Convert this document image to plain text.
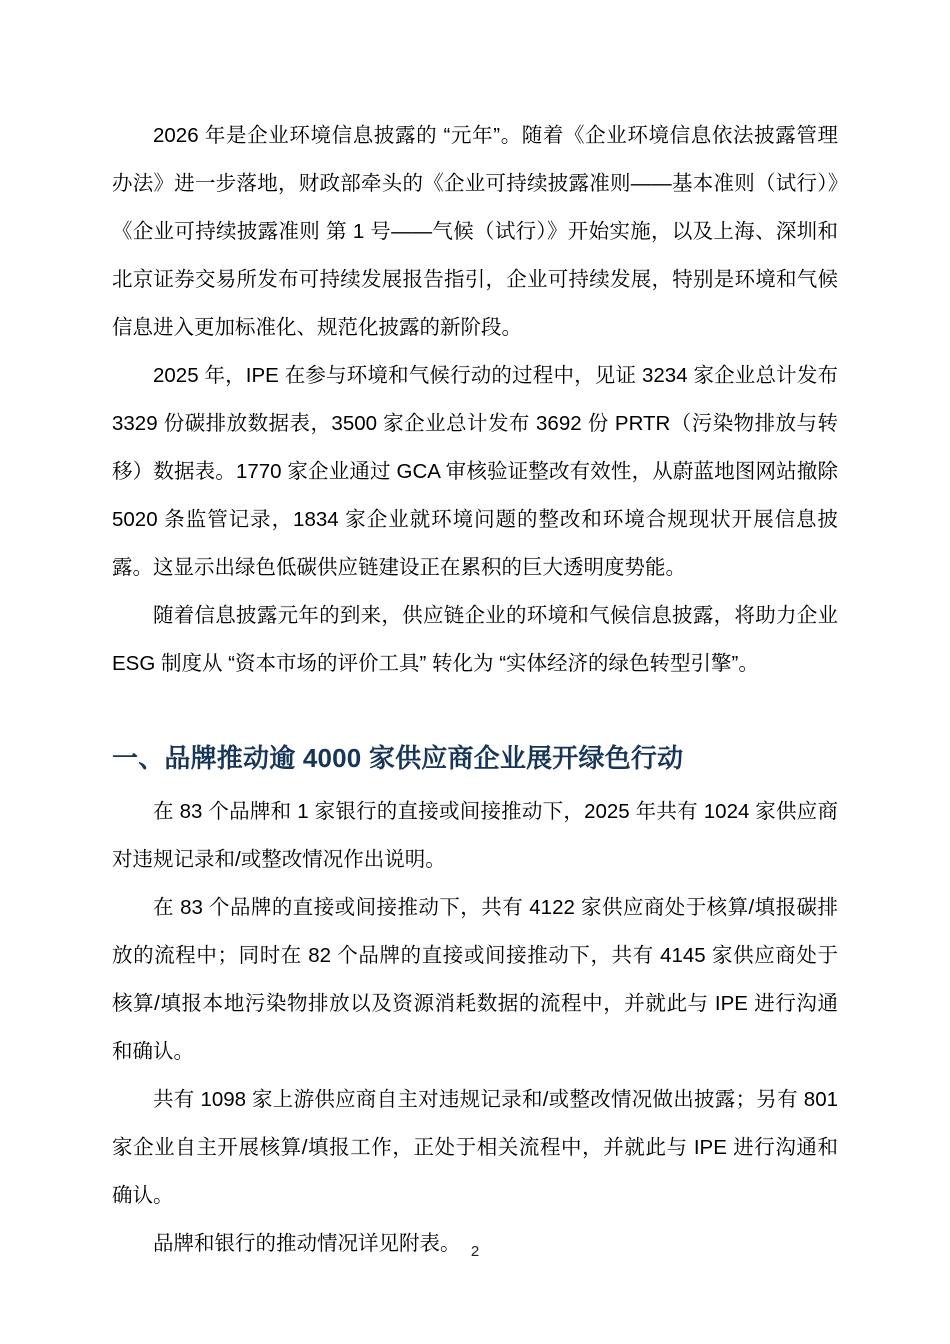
2026 年是企业环境信息披露的 “元年”。随着《企业环境信息依法披露管理办法》进一步落地，财政部牵头的《企业可持续披露准则——基本准则（试行）》《企业可持续披露准则 第 1 号——气候（试行）》开始实施，以及上海、深圳和北京证券交易所发布可持续发展报告指引，企业可持续发展，特别是环境和气候信息进入更加标准化、规范化披露的新阶段。

2025 年，IPE 在参与环境和气候行动的过程中，见证 3234 家企业总计发布 3329 份碳排放数据表，3500 家企业总计发布 3692 份 PRTR（污染物排放与转移）数据表。1770 家企业通过 GCA 审核验证整改有效性，从蔚蓝地图网站撤除 5020 条监管记录，1834 家企业就环境问题的整改和环境合规现状开展信息披露。这显示出绿色低碳供应链建设正在累积的巨大透明度势能。

随着信息披露元年的到来，供应链企业的环境和气候信息披露，将助力企业 ESG 制度从 “资本市场的评价工具” 转化为 “实体经济的绿色转型引擎”。

一、品牌推动逾 4000 家供应商企业展开绿色行动

在 83 个品牌和 1 家银行的直接或间接推动下，2025 年共有 1024 家供应商对违规记录和/或整改情况作出说明。

在 83 个品牌的直接或间接推动下，共有 4122 家供应商处于核算/填报碳排放的流程中；同时在 82 个品牌的直接或间接推动下，共有 4145 家供应商处于核算/填报本地污染物排放以及资源消耗数据的流程中，并就此与 IPE 进行沟通和确认。

共有 1098 家上游供应商自主对违规记录和/或整改情况做出披露；另有 801 家企业自主开展核算/填报工作，正处于相关流程中，并就此与 IPE 进行沟通和确认。

品牌和银行的推动情况详见附表。 2
